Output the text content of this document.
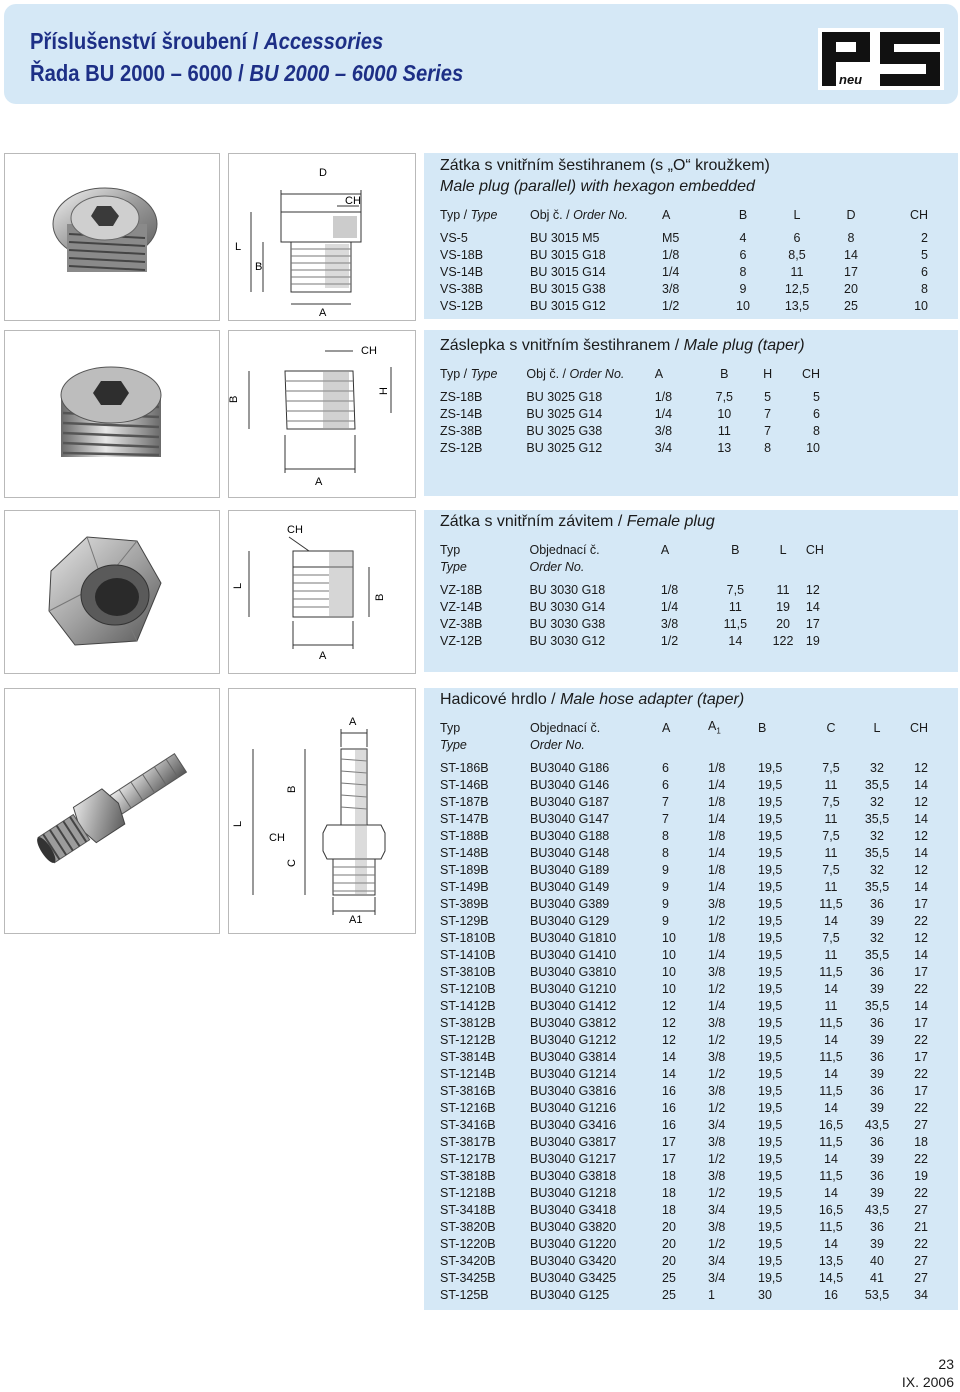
Příslušenství šroubení / Accessories
Řada BU 2000 – 6000 / BU 2000 – 6000 Series	neu
D
CH
L
B
A
Zátka s vnitřním šestihranem (s „O“ kroužkem)
Male plug (parallel) with hexagon embedded
Typ / Type	Obj č. / Order No.	A	B	L	D	CH

VS-5	BU 3015 M5	M5	4	6	8	2
VS-18B	BU 3015 G18	1/8	6	8,5	14	5
VS-14B	BU 3015 G14	1/4	8	11	17	6
VS-38B	BU 3015 G38	3/8	9	12,5	20	8
VS-12B	BU 3015 G12	1/2	10	13,5	25	10
CH
B
H
A
Záslepka s vnitřním šestihranem / Male plug (taper)
Typ / Type	Obj č. / Order No.	A	B	H	CH

ZS-18B	BU 3025 G18	1/8	7,5	5	5
ZS-14B	BU 3025 G14	1/4	10	7	6
ZS-38B	BU 3025 G38	3/8	11	7	8
ZS-12B	BU 3025 G12	3/4	13	8	10
CH
L
B
A
Zátka s vnitřním závitem / Female plug
Typ	Objednací č.	A	B	L	CH
Type	Order No.				

VZ-18B	BU 3030 G18	1/8	7,5	11	12
VZ-14B	BU 3030 G14	1/4	11	19	14
VZ-38B	BU 3030 G38	3/8	11,5	20	17
VZ-12B	BU 3030 G12	1/2	14	122	19
A
L
B
CH
C
A1
Hadicové hrdlo / Male hose adapter (taper)
Typ	Objednací č.	A	$A_1$	B	C	L	CH
Type	Order No.						

ST-186B	BU3040 G186	6	1/8	19,5	7,5	32	12
ST-146B	BU3040 G146	6	1/4	19,5	11	35,5	14
ST-187B	BU3040 G187	7	1/8	19,5	7,5	32	12
ST-147B	BU3040 G147	7	1/4	19,5	11	35,5	14
ST-188B	BU3040 G188	8	1/8	19,5	7,5	32	12
ST-148B	BU3040 G148	8	1/4	19,5	11	35,5	14
ST-189B	BU3040 G189	9	1/8	19,5	7,5	32	12
ST-149B	BU3040 G149	9	1/4	19,5	11	35,5	14
ST-389B	BU3040 G389	9	3/8	19,5	11,5	36	17
ST-129B	BU3040 G129	9	1/2	19,5	14	39	22
ST-1810B	BU3040 G1810	10	1/8	19,5	7,5	32	12
ST-1410B	BU3040 G1410	10	1/4	19,5	11	35,5	14
ST-3810B	BU3040 G3810	10	3/8	19,5	11,5	36	17
ST-1210B	BU3040 G1210	10	1/2	19,5	14	39	22
ST-1412B	BU3040 G1412	12	1/4	19,5	11	35,5	14
ST-3812B	BU3040 G3812	12	3/8	19,5	11,5	36	17
ST-1212B	BU3040 G1212	12	1/2	19,5	14	39	22
ST-3814B	BU3040 G3814	14	3/8	19,5	11,5	36	17
ST-1214B	BU3040 G1214	14	1/2	19,5	14	39	22
ST-3816B	BU3040 G3816	16	3/8	19,5	11,5	36	17
ST-1216B	BU3040 G1216	16	1/2	19,5	14	39	22
ST-3416B	BU3040 G3416	16	3/4	19,5	16,5	43,5	27
ST-3817B	BU3040 G3817	17	3/8	19,5	11,5	36	18
ST-1217B	BU3040 G1217	17	1/2	19,5	14	39	22
ST-3818B	BU3040 G3818	18	3/8	19,5	11,5	36	19
ST-1218B	BU3040 G1218	18	1/2	19,5	14	39	22
ST-3418B	BU3040 G3418	18	3/4	19,5	16,5	43,5	27
ST-3820B	BU3040 G3820	20	3/8	19,5	11,5	36	21
ST-1220B	BU3040 G1220	20	1/2	19,5	14	39	22
ST-3420B	BU3040 G3420	20	3/4	19,5	13,5	40	27
ST-3425B	BU3040 G3425	25	3/4	19,5	14,5	41	27
ST-125B	BU3040 G125	25	1	30	16	53,5	34
23
IX. 2006
